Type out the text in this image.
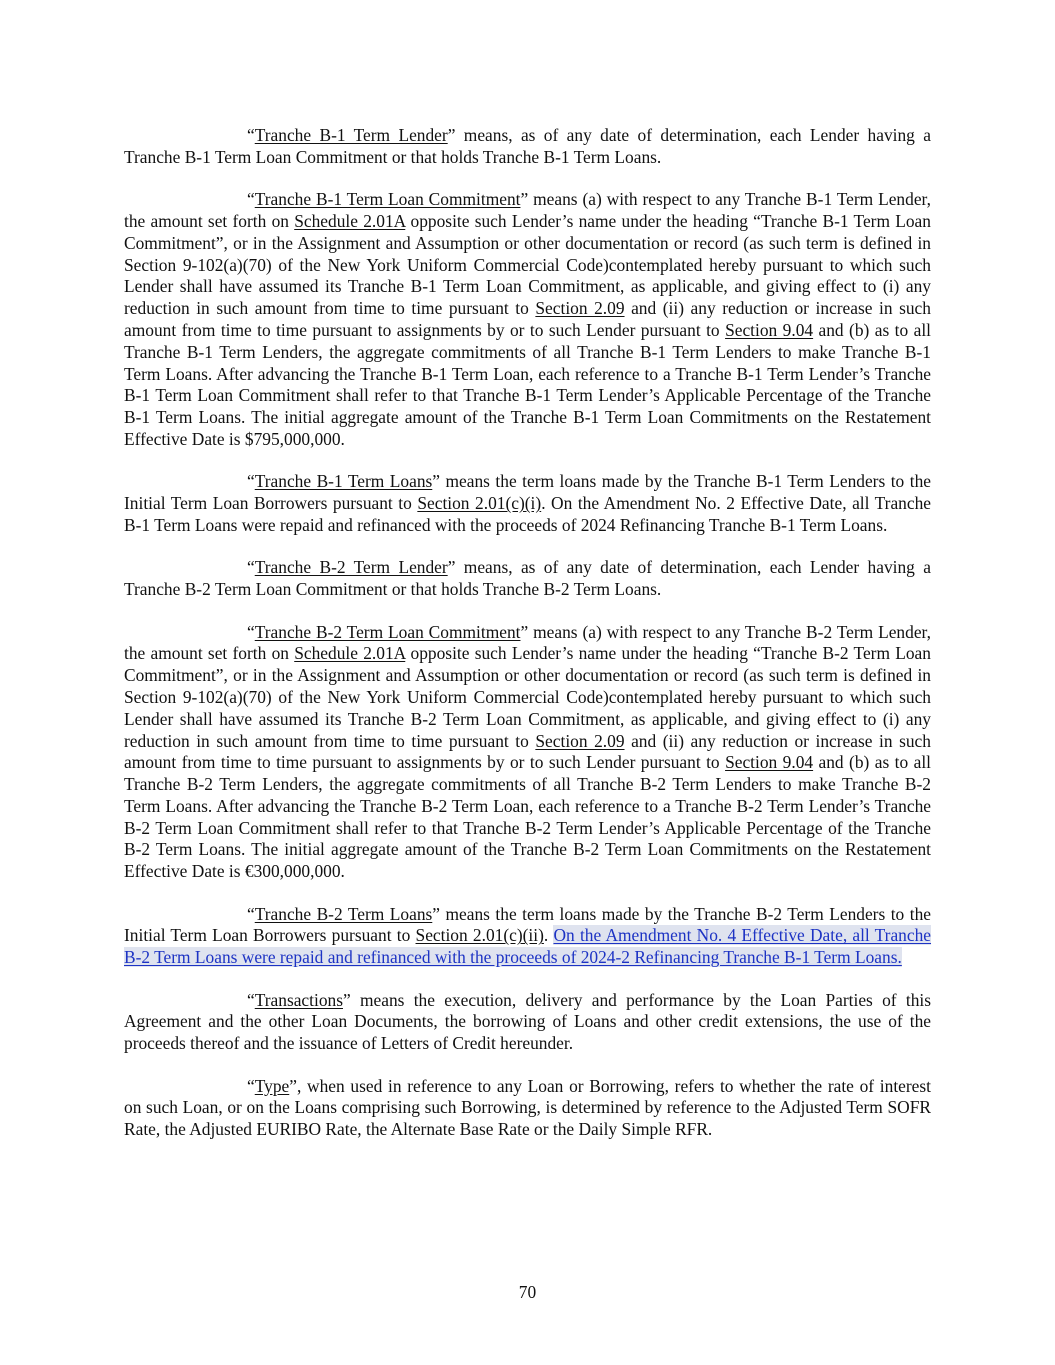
“Tranche B-1 Term Lender” means, as of any date of determination, each Lender having a Tranche B-1 Term Loan Commitment or that holds Tranche B-1 Term Loans.

“Tranche B-1 Term Loan Commitment” means (a) with respect to any Tranche B-1 Term Lender, the amount set forth on Schedule 2.01A opposite such Lender’s name under the heading “Tranche B-1 Term Loan Commitment”, or in the Assignment and Assumption or other documentation or record (as such term is defined in Section 9-102(a)(70) of the New York Uniform Commercial Code)contemplated hereby pursuant to which such Lender shall have assumed its Tranche B-1 Term Loan Commitment, as applicable, and giving effect to (i) any reduction in such amount from time to time pursuant to Section 2.09 and (ii) any reduction or increase in such amount from time to time pursuant to assignments by or to such Lender pursuant to Section 9.04 and (b) as to all Tranche B-1 Term Lenders, the aggregate commitments of all Tranche B-1 Term Lenders to make Tranche B-1 Term Loans. After advancing the Tranche B-1 Term Loan, each reference to a Tranche B-1 Term Lender’s Tranche B-1 Term Loan Commitment shall refer to that Tranche B-1 Term Lender’s Applicable Percentage of the Tranche B-1 Term Loans. The initial aggregate amount of the Tranche B-1 Term Loan Commitments on the Restatement Effective Date is $795,000,000.

“Tranche B-1 Term Loans” means the term loans made by the Tranche B-1 Term Lenders to the Initial Term Loan Borrowers pursuant to Section 2.01(c)(i). On the Amendment No. 2 Effective Date, all Tranche B-1 Term Loans were repaid and refinanced with the proceeds of 2024 Refinancing Tranche B-1 Term Loans.

“Tranche B-2 Term Lender” means, as of any date of determination, each Lender having a Tranche B-2 Term Loan Commitment or that holds Tranche B-2 Term Loans.

“Tranche B-2 Term Loan Commitment” means (a) with respect to any Tranche B-2 Term Lender, the amount set forth on Schedule 2.01A opposite such Lender’s name under the heading “Tranche B-2 Term Loan Commitment”, or in the Assignment and Assumption or other documentation or record (as such term is defined in Section 9-102(a)(70) of the New York Uniform Commercial Code)contemplated hereby pursuant to which such Lender shall have assumed its Tranche B-2 Term Loan Commitment, as applicable, and giving effect to (i) any reduction in such amount from time to time pursuant to Section 2.09 and (ii) any reduction or increase in such amount from time to time pursuant to assignments by or to such Lender pursuant to Section 9.04 and (b) as to all Tranche B-2 Term Lenders, the aggregate commitments of all Tranche B-2 Term Lenders to make Tranche B-2 Term Loans. After advancing the Tranche B-2 Term Loan, each reference to a Tranche B-2 Term Lender’s Tranche B-2 Term Loan Commitment shall refer to that Tranche B-2 Term Lender’s Applicable Percentage of the Tranche B-2 Term Loans. The initial aggregate amount of the Tranche B-2 Term Loan Commitments on the Restatement Effective Date is €300,000,000.

“Tranche B-2 Term Loans” means the term loans made by the Tranche B-2 Term Lenders to the Initial Term Loan Borrowers pursuant to Section 2.01(c)(ii). On the Amendment No. 4 Effective Date, all Tranche B-2 Term Loans were repaid and refinanced with the proceeds of 2024-2 Refinancing Tranche B-1 Term Loans.

“Transactions” means the execution, delivery and performance by the Loan Parties of this Agreement and the other Loan Documents, the borrowing of Loans and other credit extensions, the use of the proceeds thereof and the issuance of Letters of Credit hereunder.

“Type”, when used in reference to any Loan or Borrowing, refers to whether the rate of interest on such Loan, or on the Loans comprising such Borrowing, is determined by reference to the Adjusted Term SOFR Rate, the Adjusted EURIBO Rate, the Alternate Base Rate or the Daily Simple RFR.

70
